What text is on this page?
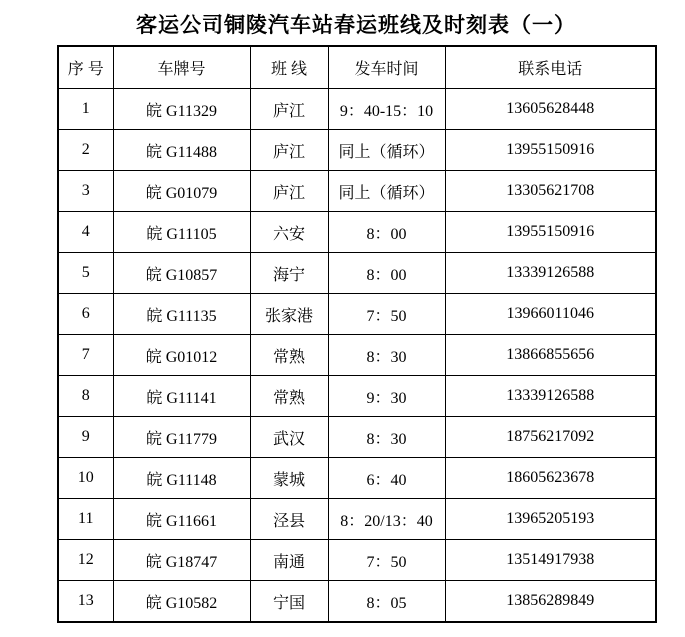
客运公司铜陵汽车站春运班线及时刻表（一）
序 号	车牌号	班 线	发车时间	联系电话
1	皖 G11329	庐江	9：40-15：10	13605628448
2	皖 G11488	庐江	同上（循环）	13955150916
3	皖 G01079	庐江	同上（循环）	13305621708
4	皖 G11105	六安	8：00	13955150916
5	皖 G10857	海宁	8：00	13339126588
6	皖 G11135	张家港	7：50	13966011046
7	皖 G01012	常熟	8：30	13866855656
8	皖 G11141	常熟	9：30	13339126588
9	皖 G11779	武汉	8：30	18756217092
10	皖 G11148	蒙城	6：40	18605623678
11	皖 G11661	泾县	8：20/13：40	13965205193
12	皖 G18747	南通	7：50	13514917938
13	皖 G10582	宁国	8：05	13856289849
